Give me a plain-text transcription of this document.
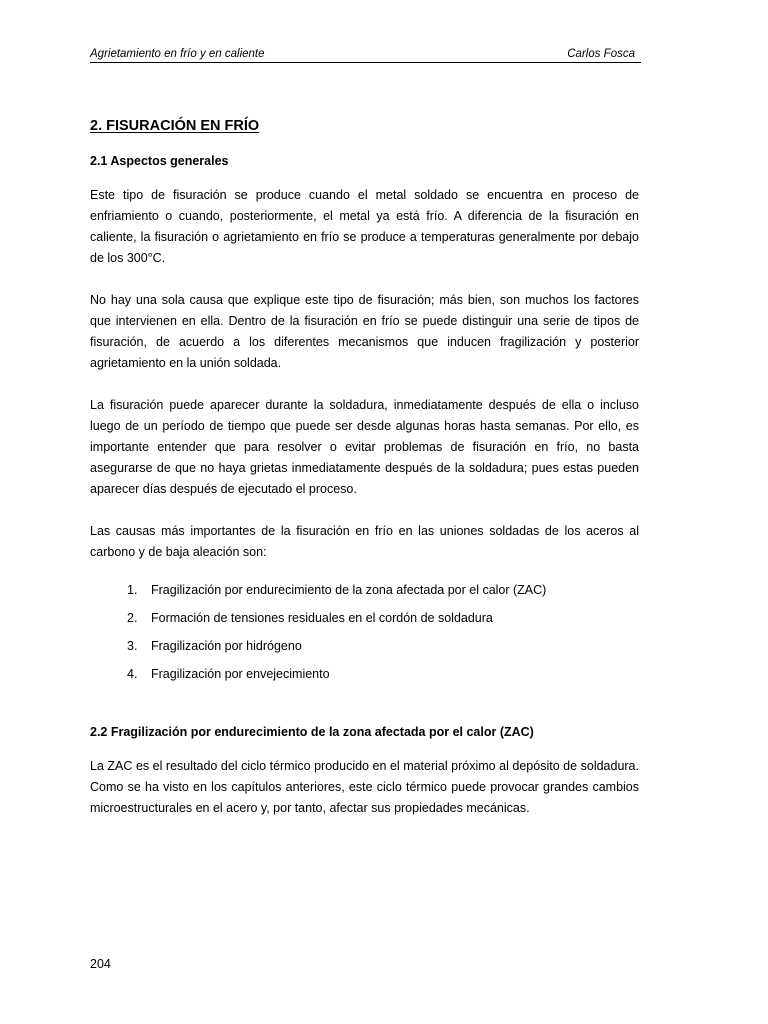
Agrietamiento en frío y en caliente	Carlos Fosca
2. FISURACIÓN EN FRÍO
2.1 Aspectos generales

Este tipo de fisuración se produce cuando el metal soldado se encuentra en proceso de enfriamiento o cuando, posteriormente, el metal ya está frío. A diferencia de la fisuración en caliente, la fisuración o agrietamiento en frío se produce a temperaturas generalmente por debajo de los 300°C.

No hay una sola causa que explique este tipo de fisuración; más bien, son muchos los factores que intervienen en ella. Dentro de la fisuración en frío se puede distinguir una serie de tipos de fisuración, de acuerdo a los diferentes mecanismos que inducen fragilización y posterior agrietamiento en la unión soldada.

La fisuración puede aparecer durante la soldadura, inmediatamente después de ella o incluso luego de un período de tiempo que puede ser desde algunas horas hasta semanas. Por ello, es importante entender que para resolver o evitar problemas de fisuración en frío, no basta asegurarse de que no haya grietas inmediatamente después de la soldadura; pues estas pueden aparecer días después de ejecutado el proceso.

Las causas más importantes de la fisuración en frío en las uniones soldadas de los aceros al carbono y de baja aleación son:

1. Fragilización por endurecimiento de la zona afectada por el calor (ZAC)
2. Formación de tensiones residuales en el cordón de soldadura
3. Fragilización por hidrógeno
4. Fragilización por envejecimiento
2.2 Fragilización por endurecimiento de la zona afectada por el calor (ZAC)

La ZAC es el resultado del ciclo térmico producido en el material próximo al depósito de soldadura. Como se ha visto en los capítulos anteriores, este ciclo térmico puede provocar grandes cambios microestructurales en el acero y, por tanto, afectar sus propiedades mecánicas.

204
